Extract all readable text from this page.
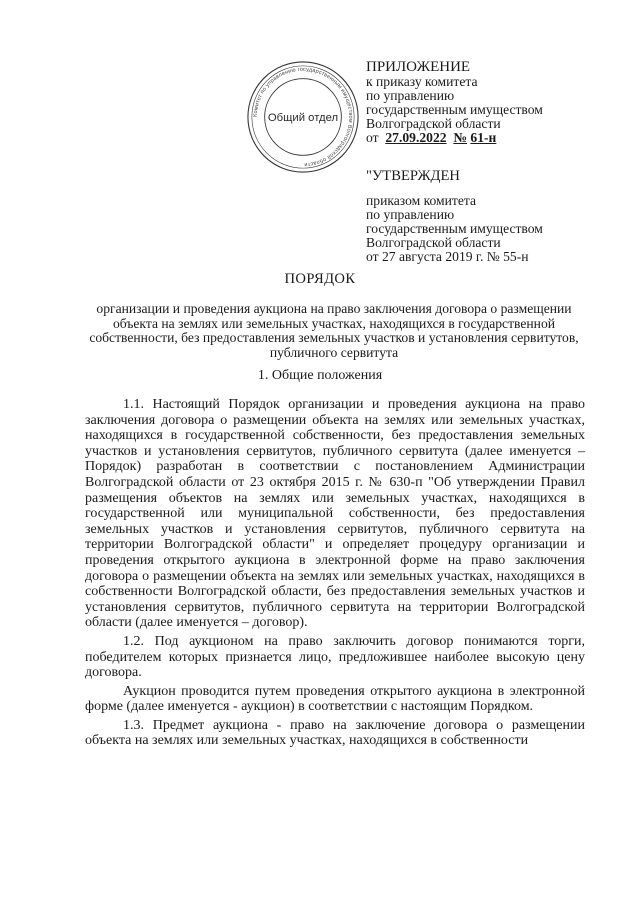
Комитет по управлению государственным имуществом Волгоградской области
Общий отдел
ПРИЛОЖЕНИЕ
к приказу комитета
по управлению
государственным имуществом
Волгоградской области
от 27.09.2022 № 61-н
"УТВЕРЖДЕН
приказом комитета
по управлению
государственным имуществом
Волгоградской области
от 27 августа 2019 г. № 55-н
ПОРЯДОК
организации и проведения аукциона на право заключения договора о размещении объекта на землях или земельных участках, находящихся в государственной собственности, без предоставления земельных участков и установления сервитутов, публичного сервитута
1. Общие положения

1.1. Настоящий Порядок организации и проведения аукциона на право заключения договора о размещении объекта на землях или земельных участках, находящихся в государственной собственности, без предоставления земельных участков и установления сервитутов, публичного сервитута (далее именуется – Порядок) разработан в соответствии с постановлением Администрации Волгоградской области от 23 октября 2015 г. № 630-п "Об утверждении Правил размещения объектов на землях или земельных участках, находящихся в государственной или муниципальной собственности, без предоставления земельных участков и установления сервитутов, публичного сервитута на территории Волгоградской области" и определяет процедуру организации и проведения открытого аукциона в электронной форме на право заключения договора о размещении объекта на землях или земельных участках, находящихся в собственности Волгоградской области, без предоставления земельных участков и установления сервитутов, публичного сервитута на территории Волгоградской области (далее именуется – договор).

1.2. Под аукционом на право заключить договор понимаются торги, победителем которых признается лицо, предложившее наиболее высокую цену договора.

Аукцион проводится путем проведения открытого аукциона в электронной форме (далее именуется - аукцион) в соответствии с настоящим Порядком.

1.3. Предмет аукциона - право на заключение договора о размещении объекта на землях или земельных участках, находящихся в собственности
